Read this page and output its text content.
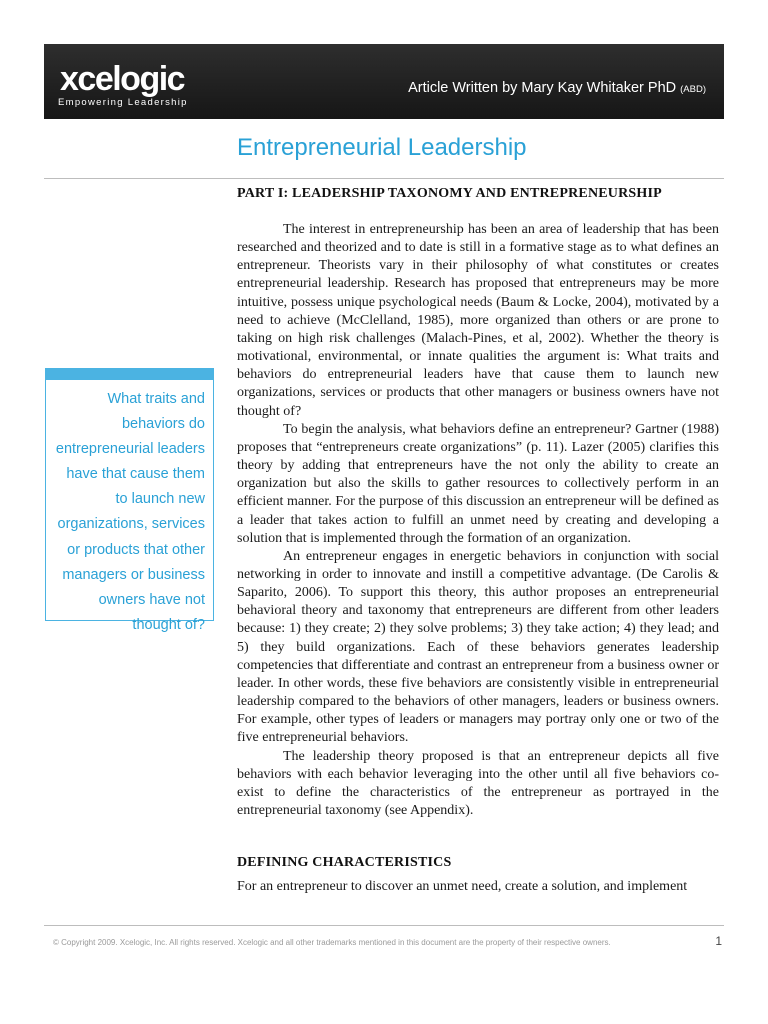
xcelogic
Empowering Leadership
Article Written by Mary Kay Whitaker PhD (ABD)
Entrepreneurial Leadership
PART I: LEADERSHIP TAXONOMY AND ENTREPRENEURSHIP

The interest in entrepreneurship has been an area of leadership that has been researched and theorized and to date is still in a formative stage as to what defines an entrepreneur. Theorists vary in their philosophy of what constitutes or creates entrepreneurial leadership. Research has proposed that entrepreneurs may be more intuitive, possess unique psychological needs (Baum & Locke, 2004), motivated by a need to achieve (McClelland, 1985), more organized than others or are prone to taking on high risk challenges (Malach-Pines, et al, 2002). Whether the theory is motivational, environmental, or innate qualities the argument is: What traits and behaviors do entrepreneurial leaders have that cause them to launch new organizations, services or products that other managers or business owners have not thought of?

To begin the analysis, what behaviors define an entrepreneur? Gartner (1988) proposes that “entrepreneurs create organizations” (p. 11). Lazer (2005) clarifies this theory by adding that entrepreneurs have the not only the ability to create an organization but also the skills to gather resources to collectively perform in an efficient manner. For the purpose of this discussion an entrepreneur will be defined as a leader that takes action to fulfill an unmet need by creating and developing a solution that is implemented through the formation of an organization.

An entrepreneur engages in energetic behaviors in conjunction with social networking in order to innovate and instill a competitive advantage. (De Carolis & Saparito, 2006). To support this theory, this author proposes an entrepreneurial behavioral theory and taxonomy that entrepreneurs are different from other leaders because: 1) they create; 2) they solve problems; 3) they take action; 4) they lead; and 5) they build organizations. Each of these behaviors generates leadership competencies that differentiate and contrast an entrepreneur from a business owner or leader. In other words, these five behaviors are consistently visible in entrepreneurial leadership compared to the behaviors of other managers, leaders or business owners. For example, other types of leaders or managers may portray only one or two of the five entrepreneurial behaviors.

The leadership theory proposed is that an entrepreneur depicts all five behaviors with each behavior leveraging into the other until all five behaviors co-exist to define the characteristics of the entrepreneur as portrayed in the entrepreneurial taxonomy (see Appendix).

DEFINING CHARACTERISTICS
For an entrepreneur to discover an unmet need, create a solution, and implement
What traits and behaviors do entrepreneurial leaders have that cause them to launch new organizations, services or products that other managers or business owners have not thought of?
© Copyright 2009. Xcelogic, Inc. All rights reserved. Xcelogic and all other trademarks mentioned in this document are the property of their respective owners.	1
